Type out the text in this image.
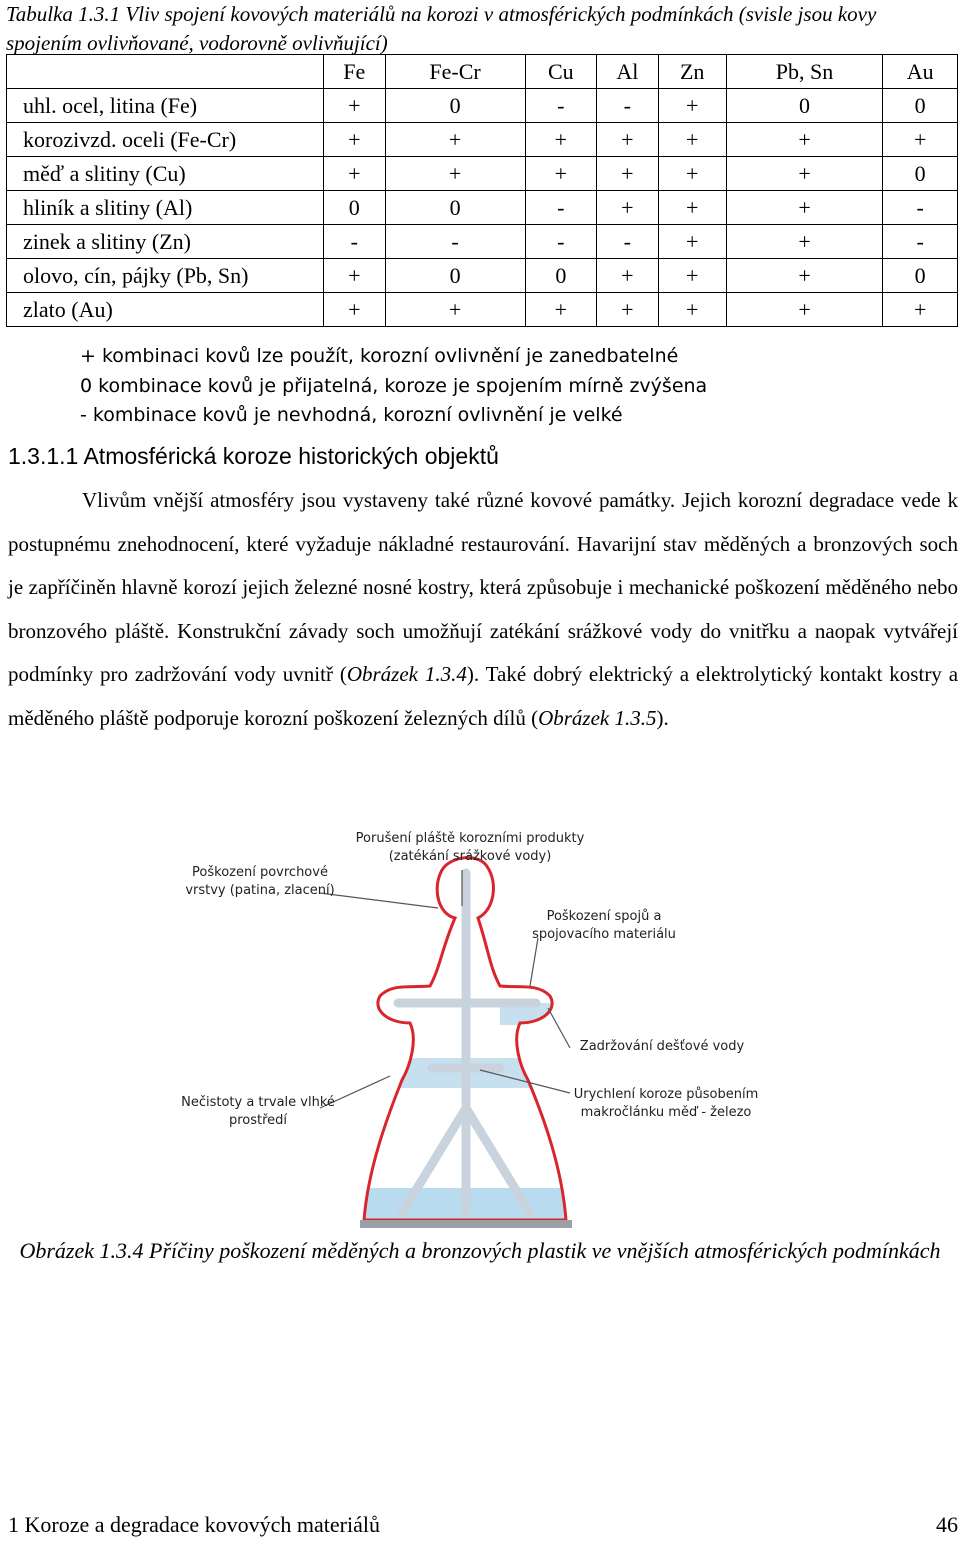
Tabulka 1.3.1 Vliv spojení kovových materiálů na korozi v atmosférických podmínkách (svisle jsou kovy spojením ovlivňované, vodorovně ovlivňující)
	Fe	Fe-Cr	Cu	Al	Zn	Pb, Sn	Au
uhl. ocel, litina (Fe)	+	0	-	-	+	0	0
korozivzd. oceli (Fe-Cr)	+	+	+	+	+	+	+
měď a slitiny (Cu)	+	+	+	+	+	+	0
hliník a slitiny (Al)	0	0	-	+	+	+	-
zinek a slitiny (Zn)	-	-	-	-	+	+	-
olovo, cín, pájky (Pb, Sn)	+	0	0	+	+	+	0
zlato (Au)	+	+	+	+	+	+	+
+ kombinaci kovů lze použít, korozní ovlivnění je zanedbatelné
0 kombinace kovů je přijatelná, koroze je spojením mírně zvýšena
- kombinace kovů je nevhodná, korozní ovlivnění je velké
1.3.1.1 Atmosférická koroze historických objektů

Vlivům vnější atmosféry jsou vystaveny také různé kovové památky. Jejich korozní degradace vede k postupnému znehodnocení, které vyžaduje nákladné restaurování. Havarijní stav měděných a bronzových soch je zapříčiněn hlavně korozí jejich železné nosné kostry, která způsobuje i mechanické poškození měděného nebo bronzového pláště. Konstrukční závady soch umožňují zatékání srážkové vody do vnitřku a naopak vytvářejí podmínky pro zadržování vody uvnitř (Obrázek 1.3.4). Také dobrý elektrický a elektrolytický kontakt kostry a měděného pláště podporuje korozní poškození železných dílů (Obrázek 1.3.5).

Porušení pláště korozními produkty
(zatékání srážkové vody)
Poškození povrchové
vrstvy (patina, zlacení)
Poškození spojů a
spojovacího materiálu
Zadržování dešťové vody
Urychlení koroze působením
makročlánku měď - železo
Nečistoty a trvale vlhké
prostředí
Obrázek 1.3.4 Příčiny poškození měděných a bronzových plastik ve vnějších atmosférických podmínkách
1 Koroze a degradace kovových materiálů	46
